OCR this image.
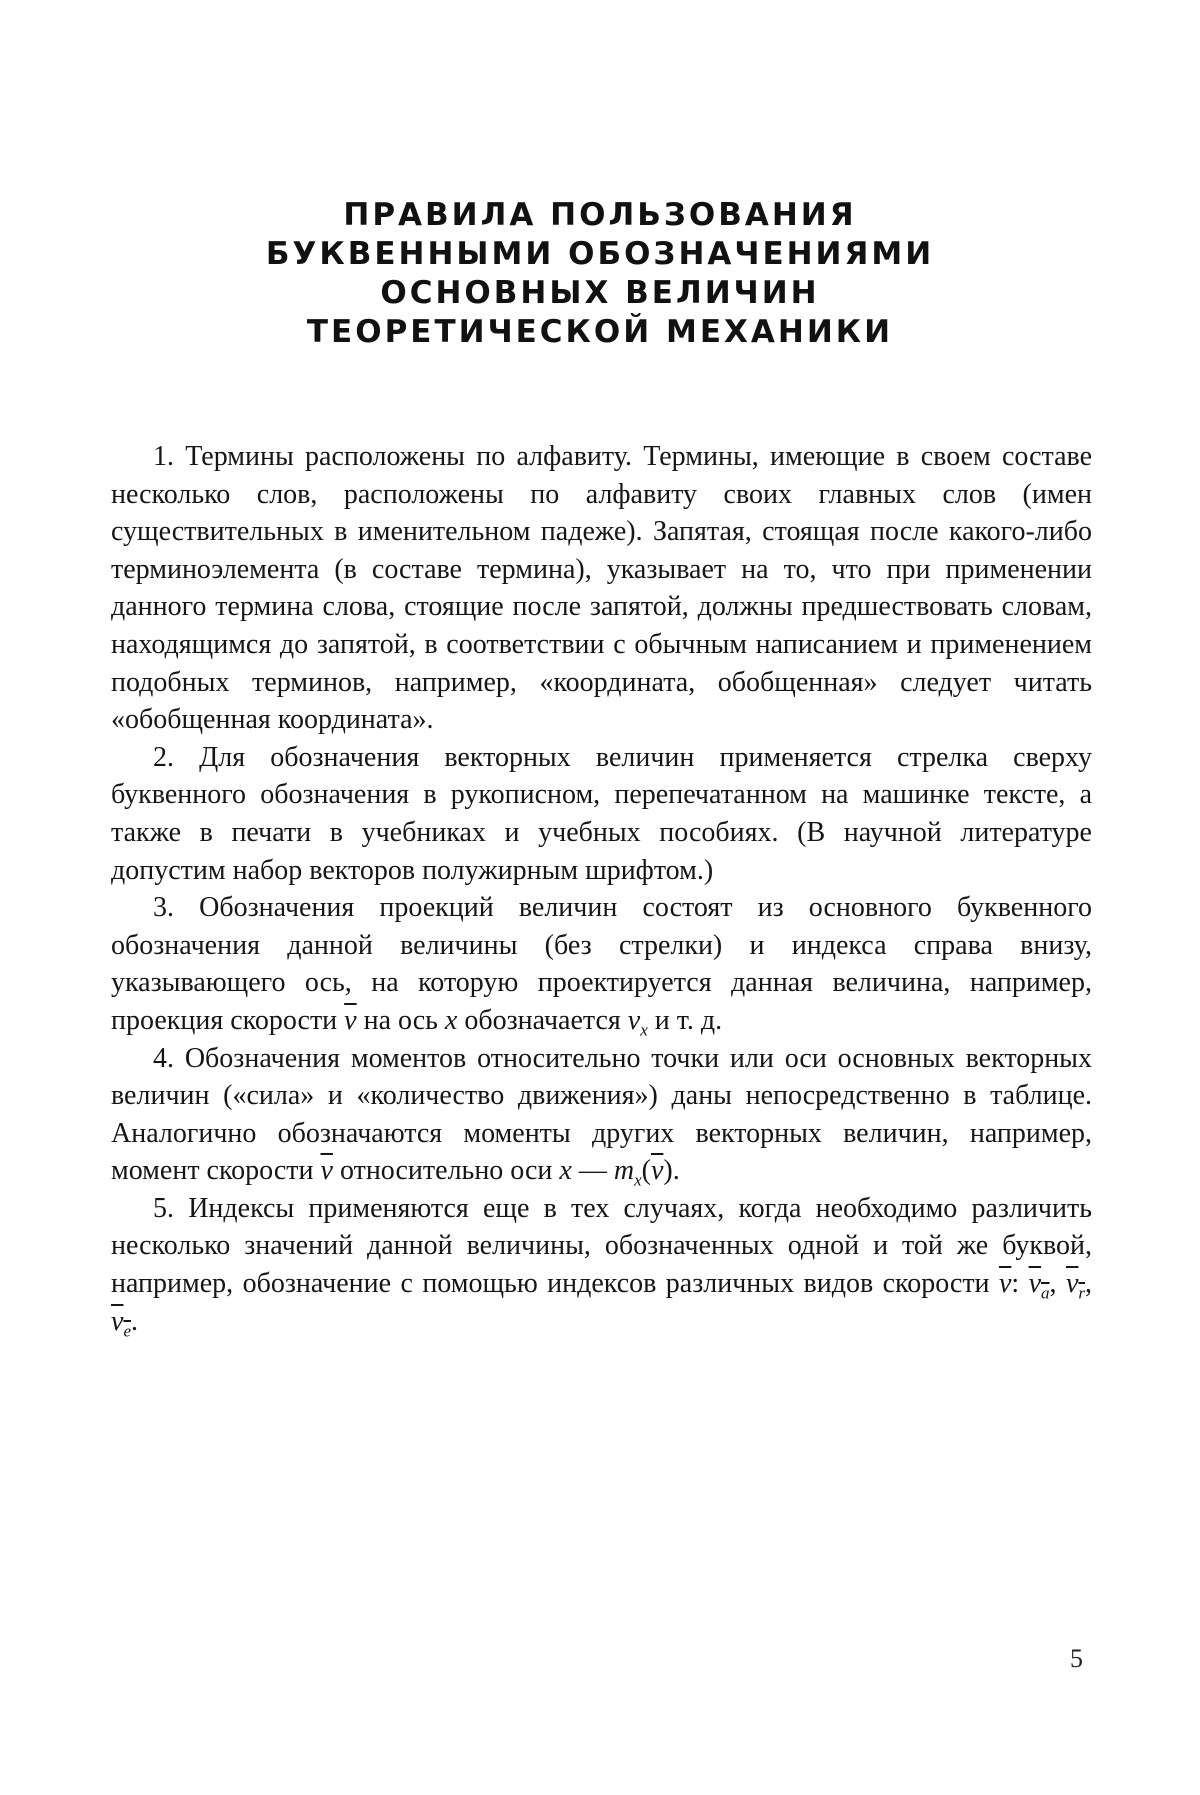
ПРАВИЛА ПОЛЬЗОВАНИЯ
БУКВЕННЫМИ ОБОЗНАЧЕНИЯМИ
ОСНОВНЫХ ВЕЛИЧИН
ТЕОРЕТИЧЕСКОЙ МЕХАНИКИ

1. Термины расположены по алфавиту. Термины, имеющие в своем составе несколько слов, расположены по алфавиту своих главных слов (имен существительных в именительном падеже). Запятая, стоящая после какого-либо терминоэлемента (в составе термина), указывает на то, что при применении данного термина слова, стоящие после запятой, должны предшествовать словам, находящимся до запятой, в соответствии с обычным написанием и применением подобных терминов, например, «координата, обобщенная» следует читать «обобщенная координата».

2. Для обозначения векторных величин применяется стрелка сверху буквенного обозначения в рукописном, перепечатанном на машинке тексте, а также в печати в учебниках и учебных пособиях. (В научной литературе допустим набор векторов полужирным шрифтом.)

3. Обозначения проекций величин состоят из основного буквенного обозначения данной величины (без стрелки) и индекса справа внизу, указывающего ось, на которую проектируется данная величина, например, проекция скорости $\overline{v}$ на ось x обозначается $v_x$ и т. д.

4. Обозначения моментов относительно точки или оси основных векторных величин («сила» и «количество движения») даны непосредственно в таблице. Аналогично обозначаются моменты других векторных величин, например, момент скорости $\overline{v}$ относительно оси x — $m_x(\overline{v})$.

5. Индексы применяются еще в тех случаях, когда необходимо различить несколько значений данной величины, обозначенных одной и той же буквой, например, обозначение с помощью индексов различных видов скорости $\overline{v}$: $v_a$, $v_r$, $v_e$.

5
